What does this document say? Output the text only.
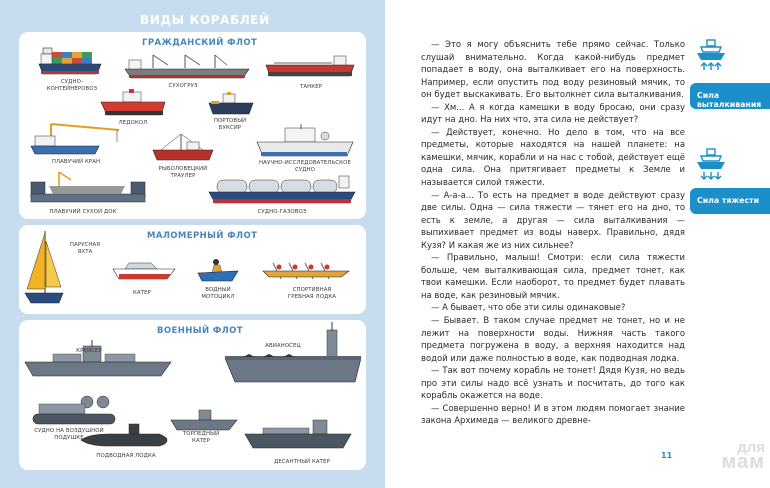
ВИДЫ КОРАБЛЕЙ
ГРАЖДАНСКИЙ ФЛОТ
СУДНО-
КОНТЕЙНЕРОВОЗ	СУХОГРУЗ	ТАНКЕР
ЛЕДОКОЛ	ПОРТОВЫЙ
БУКСИР
ПЛАВУЧИЙ КРАН
РЫБОЛОВЕЦКИЙ
ТРАУЛЕР
НАУЧНО-ИССЛЕДОВАТЕЛЬСКОЕ
СУДНО
ПЛАВУЧИЙ СУХОЙ ДОК	СУДНО-ГАЗОВОЗ
МАЛОМЕРНЫЙ ФЛОТ
ПАРУСНАЯ
ЯХТА
КАТЕР	ВОДНЫЙ
МОТОЦИКЛ
СПОРТИВНАЯ
ГРЕБНАЯ ЛОДКА
ВОЕННЫЙ ФЛОТ
КРЕЙСЕР
АВИАНОСЕЦ
СУДНО НА ВОЗДУШНОЙ
ПОДУШКЕ
ПОДВОДНАЯ ЛОДКА
ТОРПЕДНЫЙ
КАТЕР
ДЕСАНТНЫЙ КАТЕР

— Это я могу объяснить тебе прямо сейчас. Только слушай внимательно. Когда какой-нибудь предмет попадает в воду, она выталкивает его на поверхность. Например, если опустить под воду резиновый мячик, то он будет выскакивать. Его вытолкнет сила выталкивания.

— Хм... А я когда камешки в воду бросаю, они сразу идут на дно. На них что, эта сила не действует?

— Действует, конечно. Но дело в том, что на все предметы, которые находятся на нашей планете: на камешки, мячик, корабли и на нас с тобой, действует ещё одна сила. Она притягивает предметы к Земле и называется силой тяжести.

— А-а-а... То есть на предмет в воде действуют сразу две силы. Одна — сила тяжести — тянет его на дно, то есть к земле, а другая — сила выталкивания — выпихивает предмет из воды наверх. Правильно, дядя Кузя? И какая же из них сильнее?

— Правильно, малыш! Смотри: если сила тяжести больше, чем выталкивающая сила, предмет тонет, как твои камешки. Если наоборот, то предмет будет плавать на воде, как резиновый мячик.

— А бывает, что обе эти силы одинаковые?

— Бывает. В таком случае предмет не тонет, но и не лежит на поверхности воды. Нижняя часть такого предмета погружена в воду, а верхняя находится над водой или даже полностью в воде, как подводная лодка.

— Так вот почему корабль не тонет! Дядя Кузя, но ведь про эти силы надо всё узнать и посчитать, до того как корабль окажется на воде.

— Совершенно верно! И в этом людям помогает знание закона Архимеда — великого древне-

Сила выталкивания
Сила тяжести
11	для
мам
